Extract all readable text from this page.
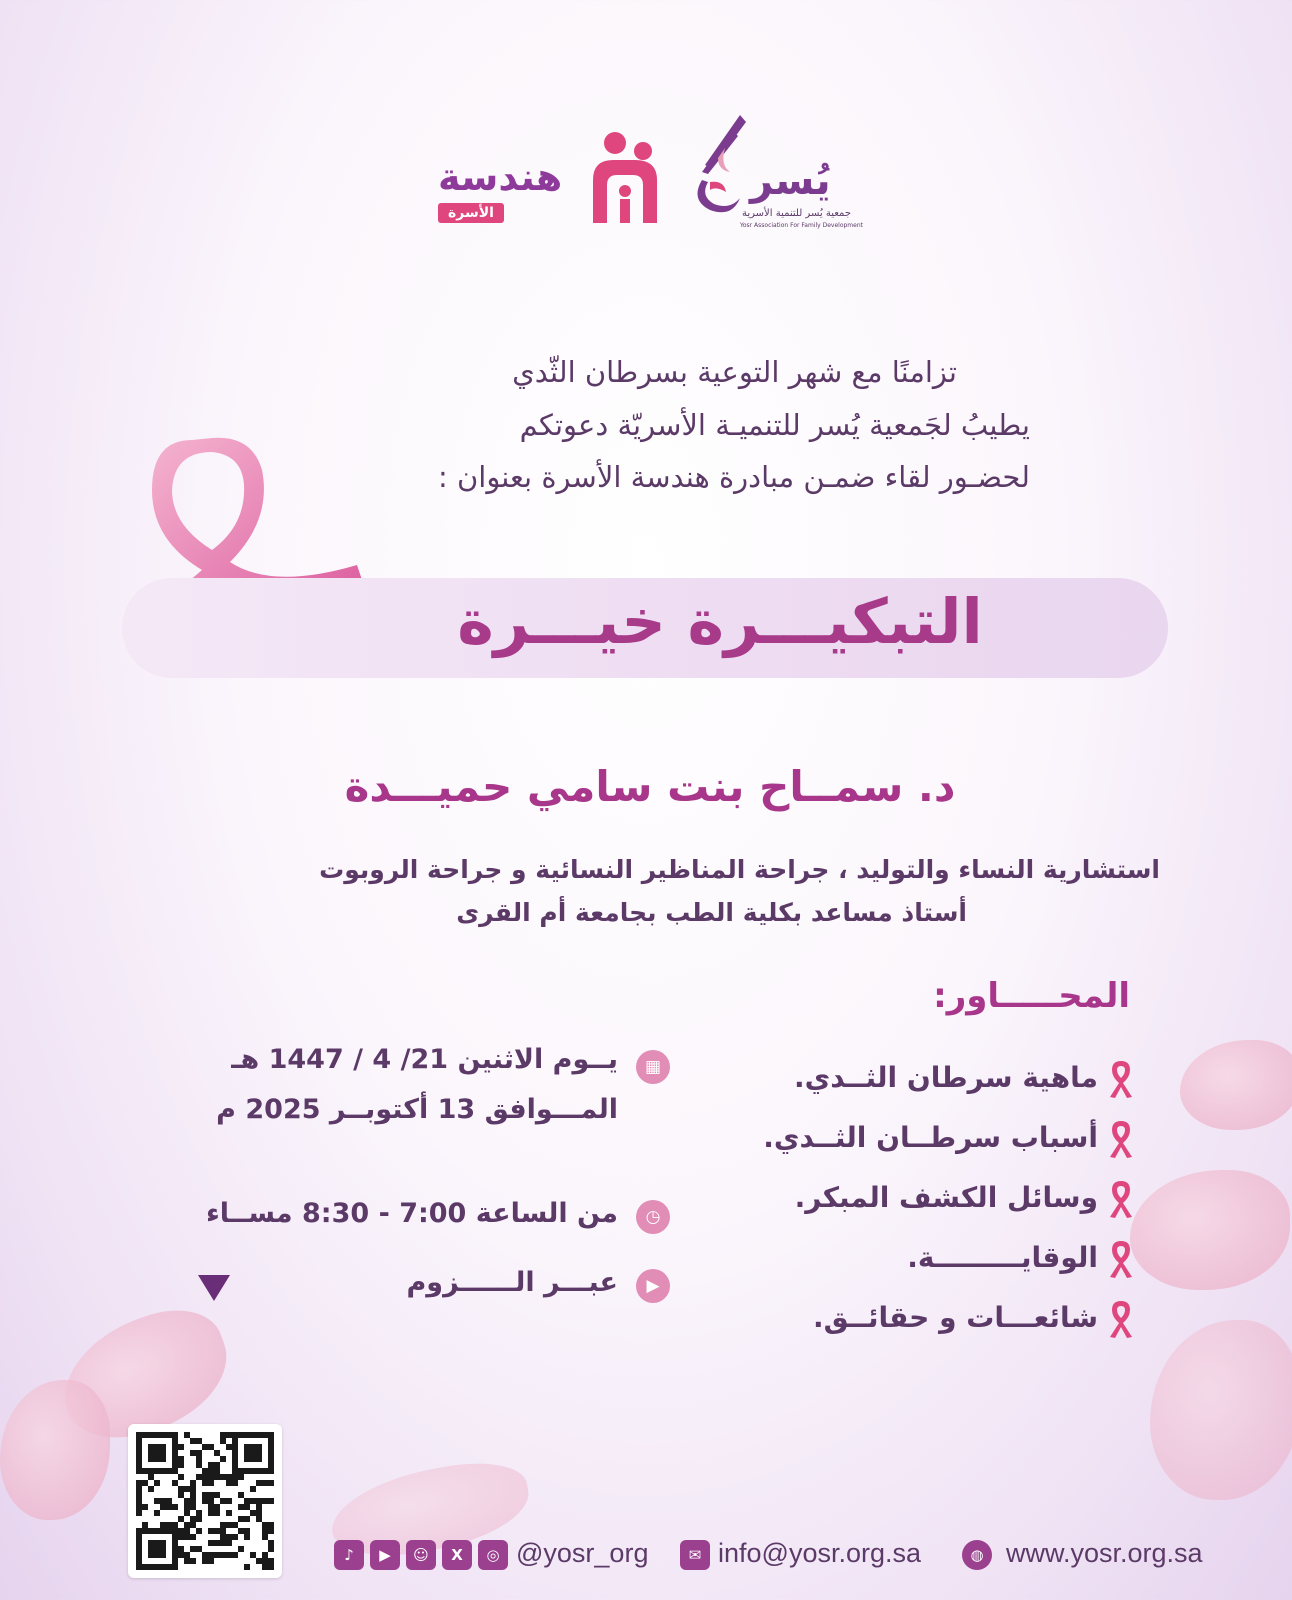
هندسة
الأسرة
يُسر
جمعية يُسر للتنمية الأسرية
Yosr Association For Family Development
تزامنًا مع شهر التوعية بسرطان الثّدي
يطيبُ لجَمعية يُسر للتنميـة الأسريّة دعوتكم
لحضـور لقاء ضمـن مبادرة هندسة الأسرة بعنوان :
التبكيـــرة خيـــرة
د. سمــاح بنت سامي حميـــدة
استشارية النساء والتوليد ، جراحة المناظير النسائية و جراحة الروبوت
أستاذ مساعد بكلية الطب بجامعة أم القرى
المحـــــاور:
ماهية سرطان الثــدي.
أسباب سرطــان الثــدي.
وسائل الكشف المبكر.
الوقايـــــــــة.
شائعـــات و حقائــق.
▦
يــوم الاثنين 21/ 4 / 1447 هـ
المـــوافق 13 أكتوبــر 2025 م
◷
من الساعة 7:00 - 8:30 مســاء
▶
عبـــر الــــــزوم
♪	▶	☺	X	◎ @yosr_org	✉ info@yosr.org.sa	◍ www.yosr.org.sa
